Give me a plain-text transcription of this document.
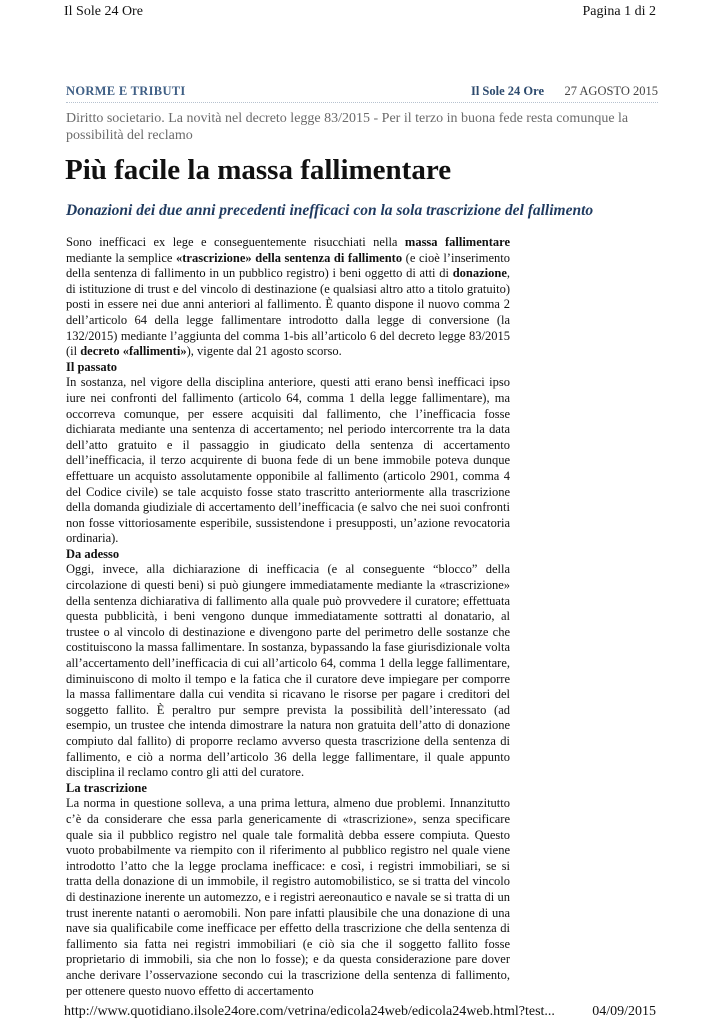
Il Sole 24 Ore	Pagina 1 di 2
NORME E TRIBUTI	Il Sole 24 Ore 27 AGOSTO 2015
Diritto societario. La novità nel decreto legge 83/2015 - Per il terzo in buona fede resta comunque la possibilità del reclamo
Più facile la massa fallimentare
Donazioni dei due anni precedenti inefficaci con la sola trascrizione del fallimento

Sono inefficaci ex lege e conseguentemente risucchiati nella massa fallimentare mediante la semplice «trascrizione» della sentenza di fallimento (e cioè l’inserimento della sentenza di fallimento in un pubblico registro) i beni oggetto di atti di donazione, di istituzione di trust e del vincolo di destinazione (e qualsiasi altro atto a titolo gratuito) posti in essere nei due anni anteriori al fallimento. È quanto dispone il nuovo comma 2 dell’articolo 64 della legge fallimentare introdotto dalla legge di conversione (la 132/2015) mediante l’aggiunta del comma 1-bis all’articolo 6 del decreto legge 83/2015 (il decreto «fallimenti»), vigente dal 21 agosto scorso.

Il passato

In sostanza, nel vigore della disciplina anteriore, questi atti erano bensì inefficaci ipso iure nei confronti del fallimento (articolo 64, comma 1 della legge fallimentare), ma occorreva comunque, per essere acquisiti dal fallimento, che l’inefficacia fosse dichiarata mediante una sentenza di accertamento; nel periodo intercorrente tra la data dell’atto gratuito e il passaggio in giudicato della sentenza di accertamento dell’inefficacia, il terzo acquirente di buona fede di un bene immobile poteva dunque effettuare un acquisto assolutamente opponibile al fallimento (articolo 2901, comma 4 del Codice civile) se tale acquisto fosse stato trascritto anteriormente alla trascrizione della domanda giudiziale di accertamento dell’inefficacia (e salvo che nei suoi confronti non fosse vittoriosamente esperibile, sussistendone i presupposti, un’azione revocatoria ordinaria).

Da adesso

Oggi, invece, alla dichiarazione di inefficacia (e al conseguente “blocco” della circolazione di questi beni) si può giungere immediatamente mediante la «trascrizione» della sentenza dichiarativa di fallimento alla quale può provvedere il curatore; effettuata questa pubblicità, i beni vengono dunque immediatamente sottratti al donatario, al trustee o al vincolo di destinazione e divengono parte del perimetro delle sostanze che costituiscono la massa fallimentare. In sostanza, bypassando la fase giurisdizionale volta all’accertamento dell’inefficacia di cui all’articolo 64, comma 1 della legge fallimentare, diminuiscono di molto il tempo e la fatica che il curatore deve impiegare per comporre la massa fallimentare dalla cui vendita si ricavano le risorse per pagare i creditori del soggetto fallito. È peraltro pur sempre prevista la possibilità dell’interessato (ad esempio, un trustee che intenda dimostrare la natura non gratuita dell’atto di donazione compiuto dal fallito) di proporre reclamo avverso questa trascrizione della sentenza di fallimento, e ciò a norma dell’articolo 36 della legge fallimentare, il quale appunto disciplina il reclamo contro gli atti del curatore.

La trascrizione

La norma in questione solleva, a una prima lettura, almeno due problemi. Innanzitutto c’è da considerare che essa parla genericamente di «trascrizione», senza specificare quale sia il pubblico registro nel quale tale formalità debba essere compiuta. Questo vuoto probabilmente va riempito con il riferimento al pubblico registro nel quale viene introdotto l’atto che la legge proclama inefficace: e così, i registri immobiliari, se si tratta della donazione di un immobile, il registro automobilistico, se si tratta del vincolo di destinazione inerente un automezzo, e i registri aereonautico e navale se si tratta di un trust inerente natanti o aeromobili. Non pare infatti plausibile che una donazione di una nave sia qualificabile come inefficace per effetto della trascrizione che della sentenza di fallimento sia fatta nei registri immobiliari (e ciò sia che il soggetto fallito fosse proprietario di immobili, sia che non lo fosse); e da questa considerazione pare dover anche derivare l’osservazione secondo cui la trascrizione della sentenza di fallimento, per ottenere questo nuovo effetto di accertamento

http://www.quotidiano.ilsole24ore.com/vetrina/edicola24web/edicola24web.html?test...	04/09/2015
